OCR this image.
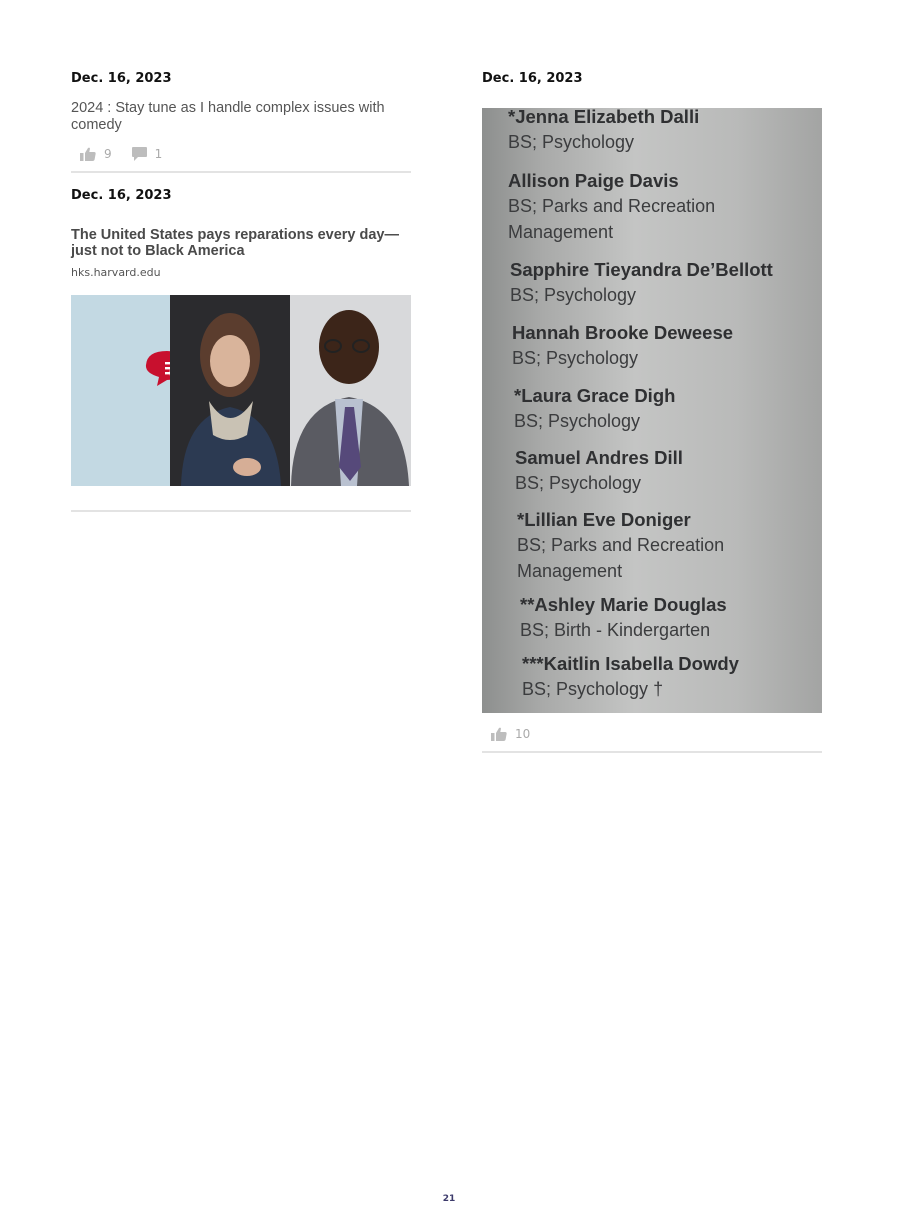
Dec. 16, 2023
2024 : Stay tune as I handle complex issues with comedy
9	1
Dec. 16, 2023
The United States pays reparations every day—just not to Black America
hks.harvard.edu
Dec. 16, 2023
*Jenna Elizabeth Dalli
BS; Psychology
Allison Paige Davis
BS; Parks and Recreation
Management
Sapphire Tieyandra De’Bellott
BS; Psychology
Hannah Brooke Deweese
BS; Psychology
*Laura Grace Digh
BS; Psychology
Samuel Andres Dill
BS; Psychology
*Lillian Eve Doniger
BS; Parks and Recreation
Management
**Ashley Marie Douglas
BS; Birth - Kindergarten
***Kaitlin Isabella Dowdy
BS; Psychology †
10
21
